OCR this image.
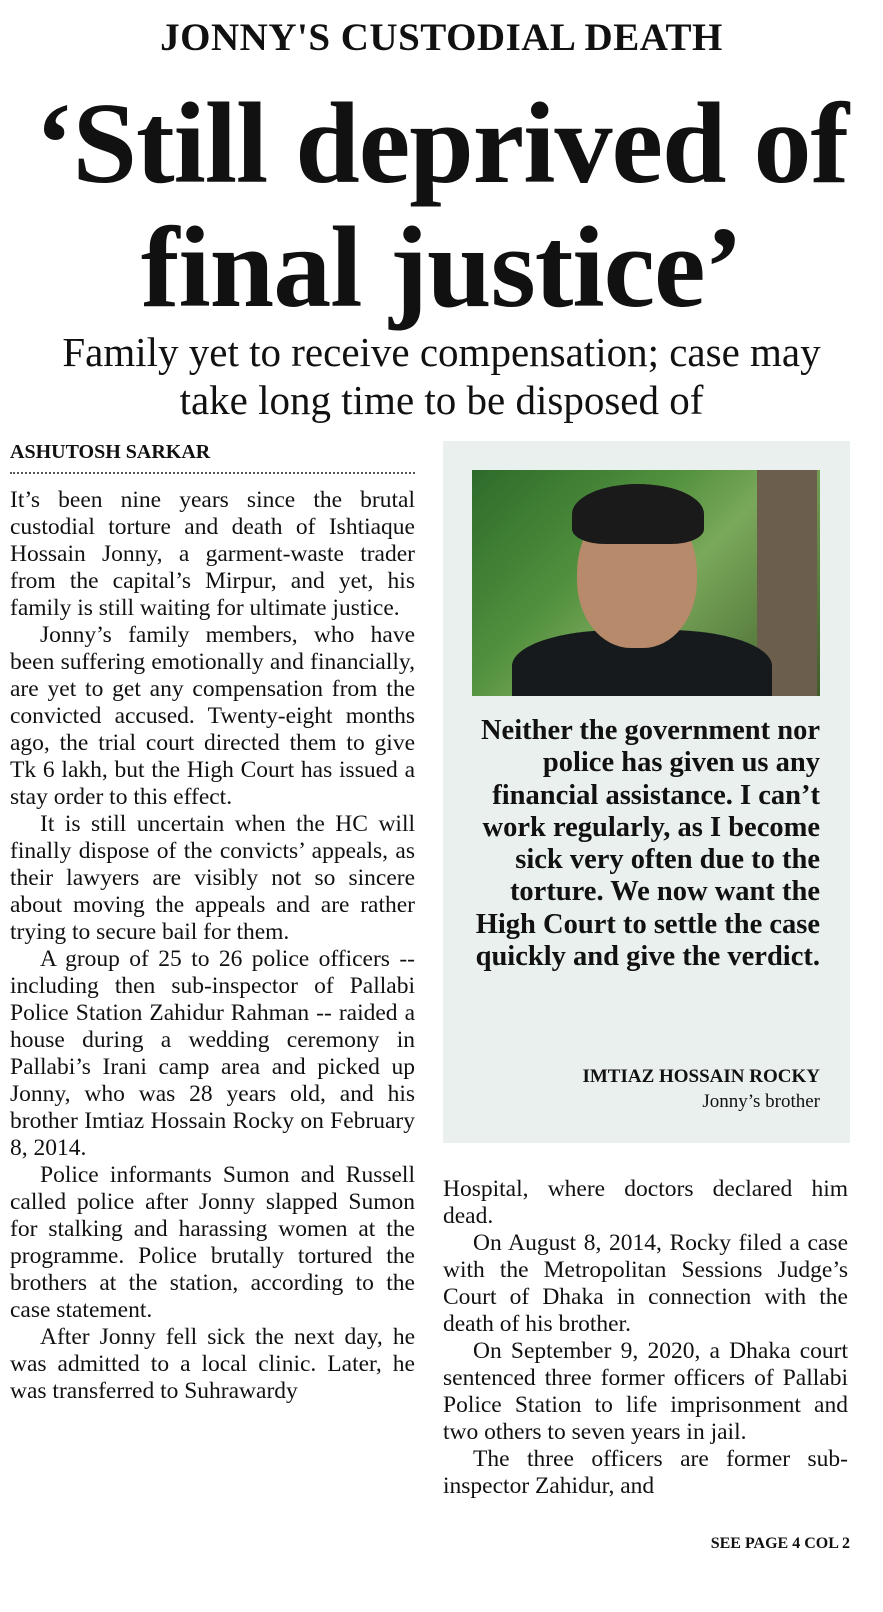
JONNY'S CUSTODIAL DEATH
‘Still deprived of final justice’
Family yet to receive compensation; case may take long time to be disposed of
ASHUTOSH SARKAR

It’s been nine years since the brutal custodial torture and death of Ishtiaque Hossain Jonny, a garment-waste trader from the capital’s Mirpur, and yet, his family is still waiting for ultimate justice.

Jonny’s family members, who have been suffering emotionally and financially, are yet to get any compensation from the convicted accused. Twenty-eight months ago, the trial court directed them to give Tk 6 lakh, but the High Court has issued a stay order to this effect.

It is still uncertain when the HC will finally dispose of the convicts’ appeals, as their lawyers are visibly not so sincere about moving the appeals and are rather trying to secure bail for them.

A group of 25 to 26 police officers -- including then sub-inspector of Pallabi Police Station Zahidur Rahman -- raided a house during a wedding ceremony in Pallabi’s Irani camp area and picked up Jonny, who was 28 years old, and his brother Imtiaz Hossain Rocky on February 8, 2014.

Police informants Sumon and Russell called police after Jonny slapped Sumon for stalking and harassing women at the programme. Police brutally tortured the brothers at the station, according to the case statement.

After Jonny fell sick the next day, he was admitted to a local clinic. Later, he was transferred to Suhrawardy

Neither the government nor police has given us any financial assistance. I can’t work regularly, as I become sick very often due to the torture. We now want the High Court to settle the case quickly and give the verdict.
IMTIAZ HOSSAIN ROCKY
Jonny’s brother

Hospital, where doctors declared him dead.

On August 8, 2014, Rocky filed a case with the Metropolitan Sessions Judge’s Court of Dhaka in connection with the death of his brother.

On September 9, 2020, a Dhaka court sentenced three former officers of Pallabi Police Station to life imprisonment and two others to seven years in jail.

The three officers are former sub-inspector Zahidur, and

SEE PAGE 4 COL 2
